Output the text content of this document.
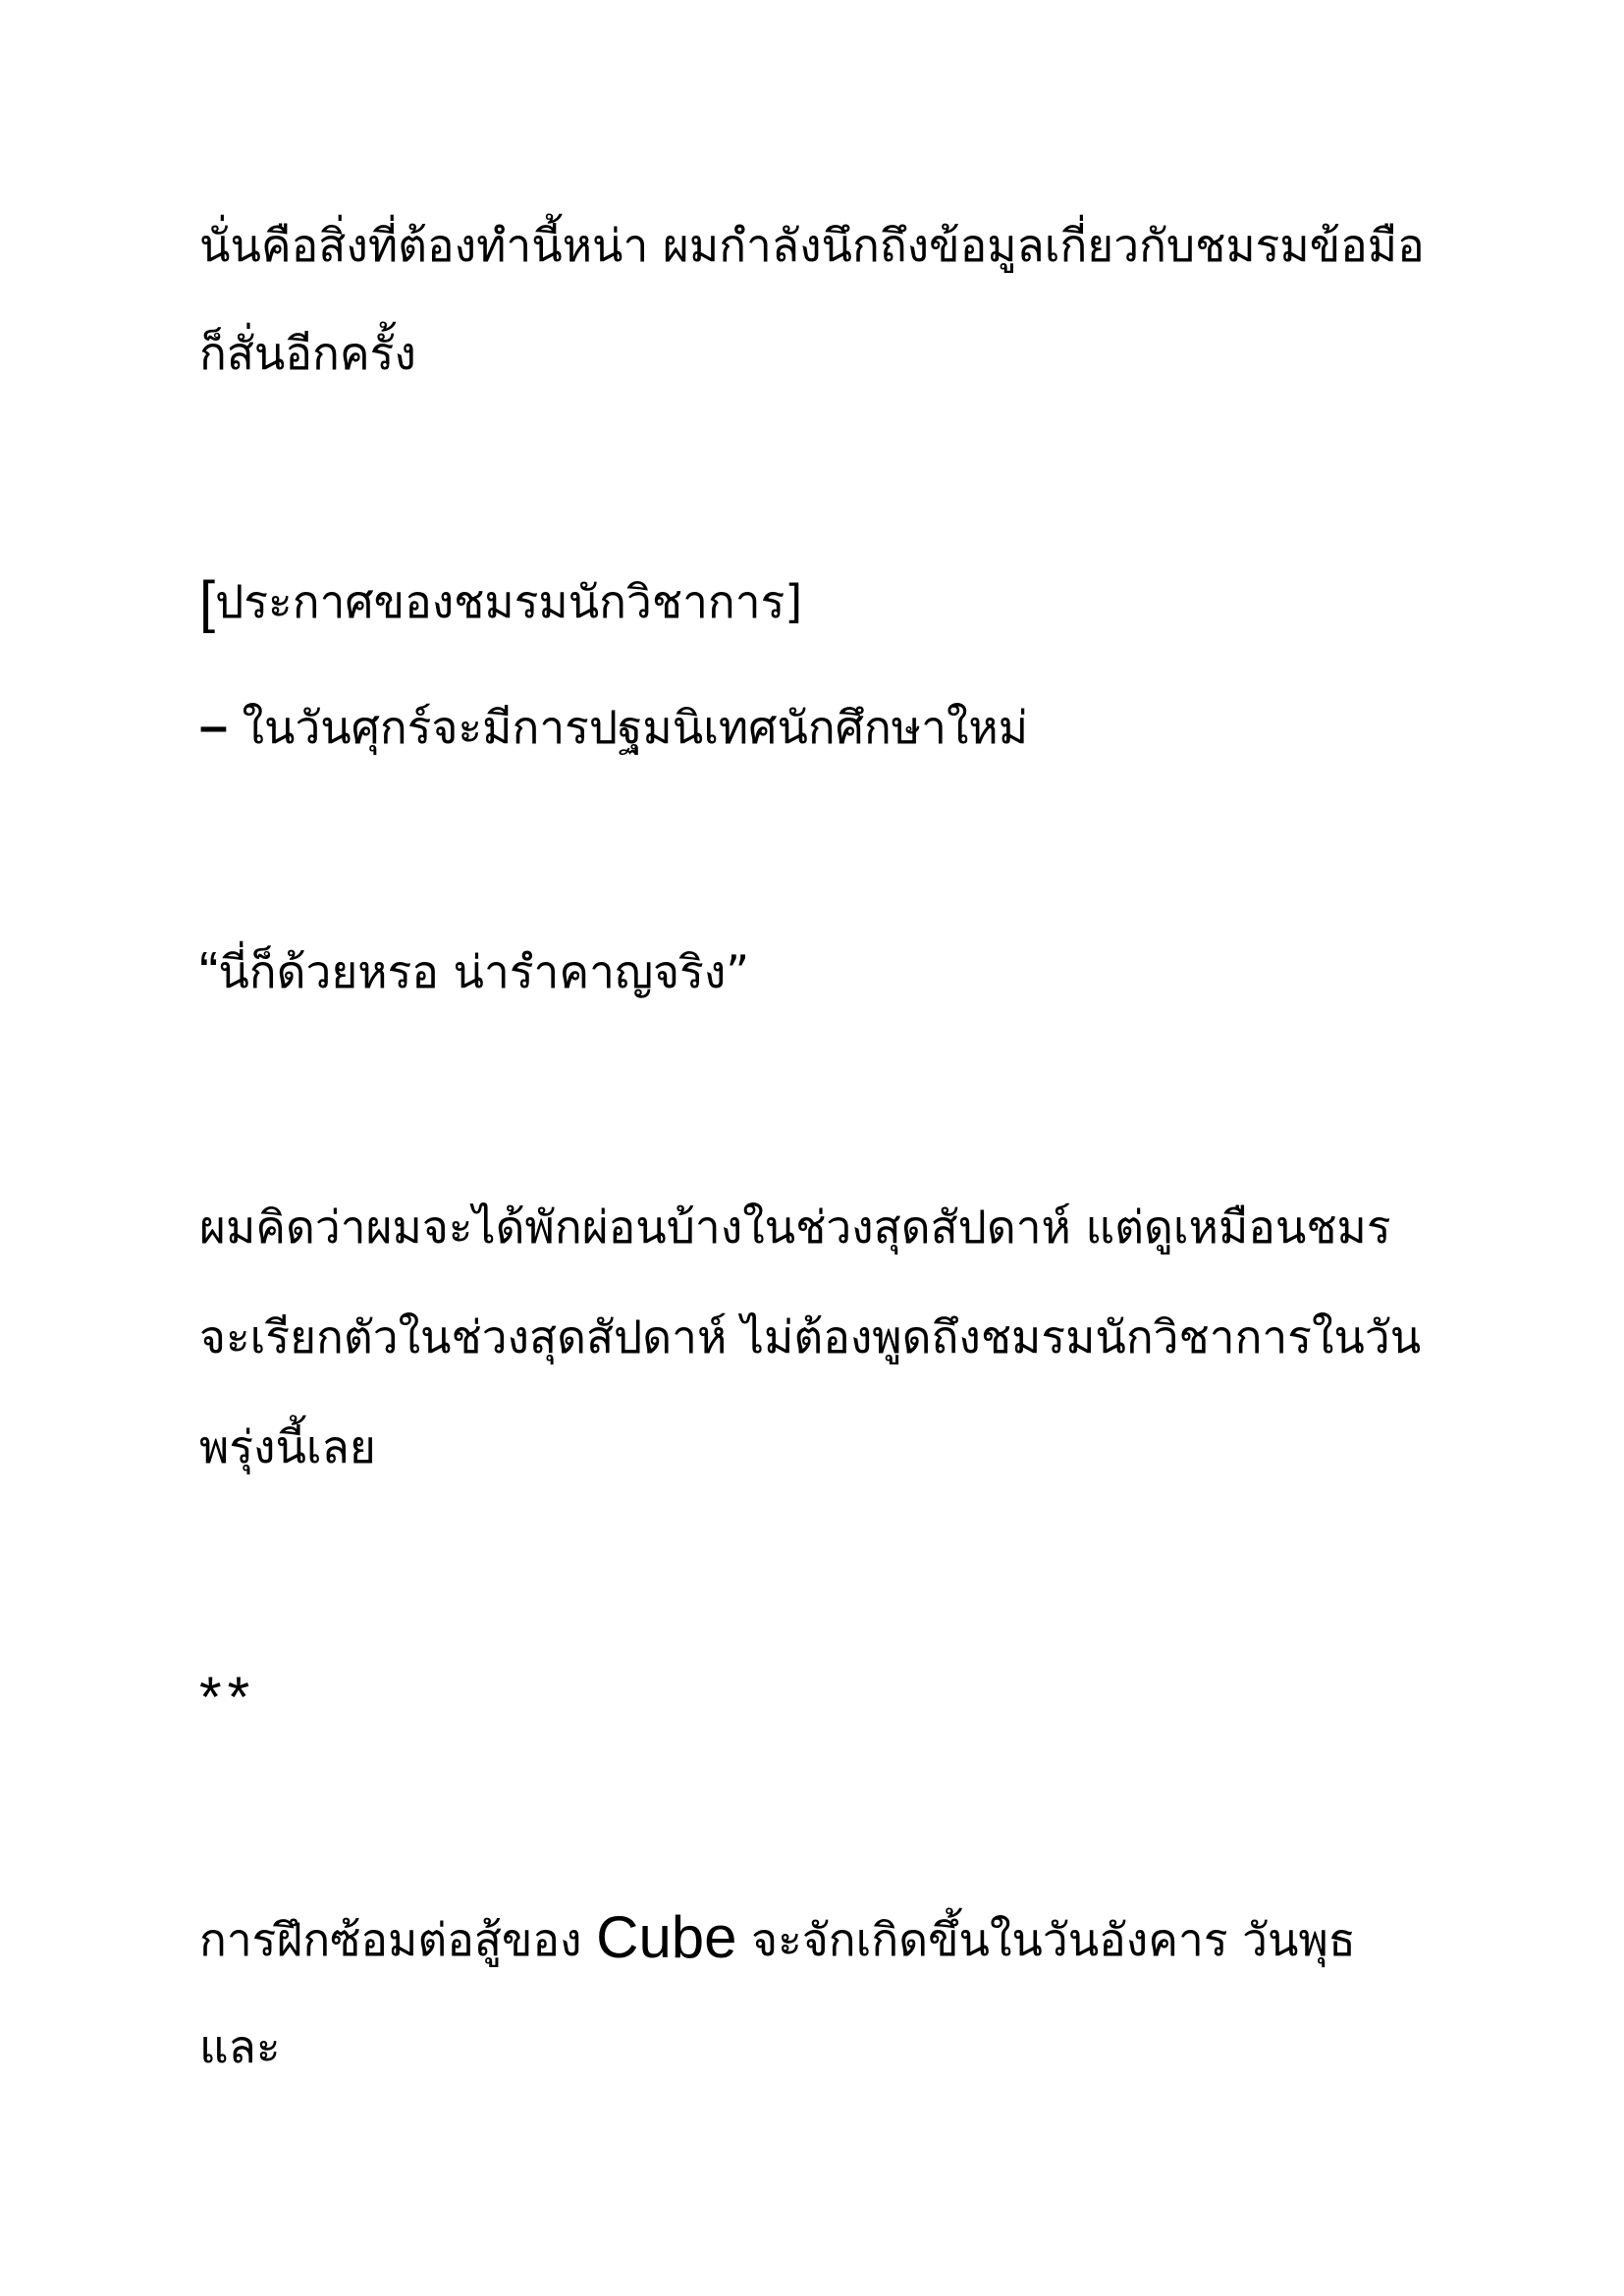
นั่นคือสิ่งที่ต้องทำนี้หน่า ผมกำลังนึกถึงข้อมูลเกี่ยวกับชมรมข้อมือ
ก็สั่นอีกครั้ง
[ประกาศของชมรมนักวิชาการ]
– ในวันศุกร์จะมีการปฐมนิเทศนักศึกษาใหม่
“นี่ก็ด้วยหรอ น่ารำคาญจริง”
ผมคิดว่าผมจะได้พักผ่อนบ้างในช่วงสุดสัปดาห์ แต่ดูเหมือนชมร
จะเรียกตัวในช่วงสุดสัปดาห์ ไม่ต้องพูดถึงชมรมนักวิชาการในวัน
พรุ่งนี้เลย
**
การฝึกซ้อมต่อสู้ของ Cube จะจักเกิดขึ้นในวันอังคาร วันพุธ
และ
